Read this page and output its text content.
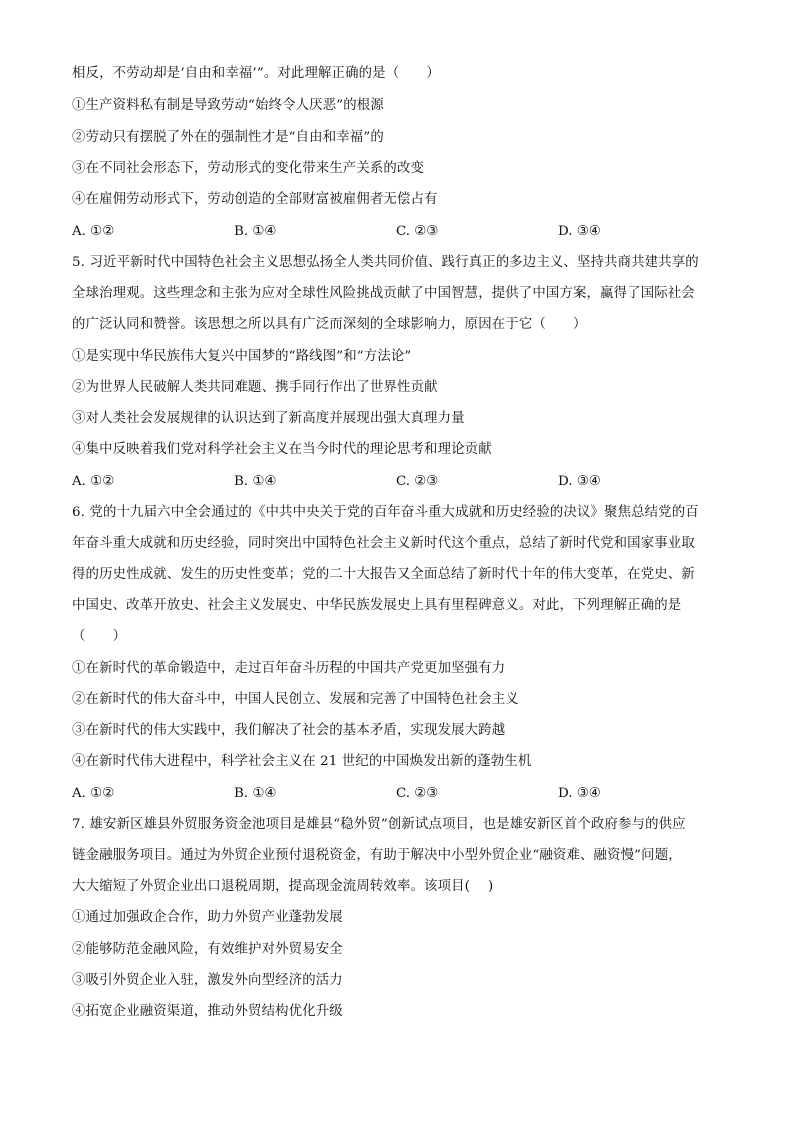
相反，不劳动却是‘自由和幸福’”。对此理解正确的是（　　）
①生产资料私有制是导致劳动“始终令人厌恶”的根源
②劳动只有摆脱了外在的强制性才是“自由和幸福”的
③在不同社会形态下，劳动形式的变化带来生产关系的改变
④在雇佣劳动形式下，劳动创造的全部财富被雇佣者无偿占有
A. ①②	B. ①④	C. ②③	D. ③④
5. 习近平新时代中国特色社会主义思想弘扬全人类共同价值、践行真正的多边主义、坚持共商共建共享的
全球治理观。这些理念和主张为应对全球性风险挑战贡献了中国智慧，提供了中国方案，赢得了国际社会
的广泛认同和赞誉。该思想之所以具有广泛而深刻的全球影响力，原因在于它（　　）
①是实现中华民族伟大复兴中国梦的“路线图”和“方法论”
②为世界人民破解人类共同难题、携手同行作出了世界性贡献
③对人类社会发展规律的认识达到了新高度并展现出强大真理力量
④集中反映着我们党对科学社会主义在当今时代的理论思考和理论贡献
A. ①②	B. ①④	C. ②③	D. ③④
6. 党的十九届六中全会通过的《中共中央关于党的百年奋斗重大成就和历史经验的决议》聚焦总结党的百
年奋斗重大成就和历史经验，同时突出中国特色社会主义新时代这个重点，总结了新时代党和国家事业取
得的历史性成就、发生的历史性变革；党的二十大报告又全面总结了新时代十年的伟大变革，在党史、新
中国史、改革开放史、社会主义发展史、中华民族发展史上具有里程碑意义。对此，下列理解正确的是
（　　）
①在新时代的革命锻造中，走过百年奋斗历程的中国共产党更加坚强有力
②在新时代的伟大奋斗中，中国人民创立、发展和完善了中国特色社会主义
③在新时代的伟大实践中，我们解决了社会的基本矛盾，实现发展大跨越
④在新时代伟大进程中，科学社会主义在 21 世纪的中国焕发出新的蓬勃生机
A. ①②	B. ①④	C. ②③	D. ③④
7. 雄安新区雄县外贸服务资金池项目是雄县“稳外贸”创新试点项目，也是雄安新区首个政府参与的供应
链金融服务项目。通过为外贸企业预付退税资金，有助于解决中小型外贸企业“融资难、融资慢”问题，
大大缩短了外贸企业出口退税周期，提高现金流周转效率。该项目(　 )
①通过加强政企合作，助力外贸产业蓬勃发展
②能够防范金融风险，有效维护对外贸易安全
③吸引外贸企业入驻，激发外向型经济的活力
④拓宽企业融资渠道，推动外贸结构优化升级
